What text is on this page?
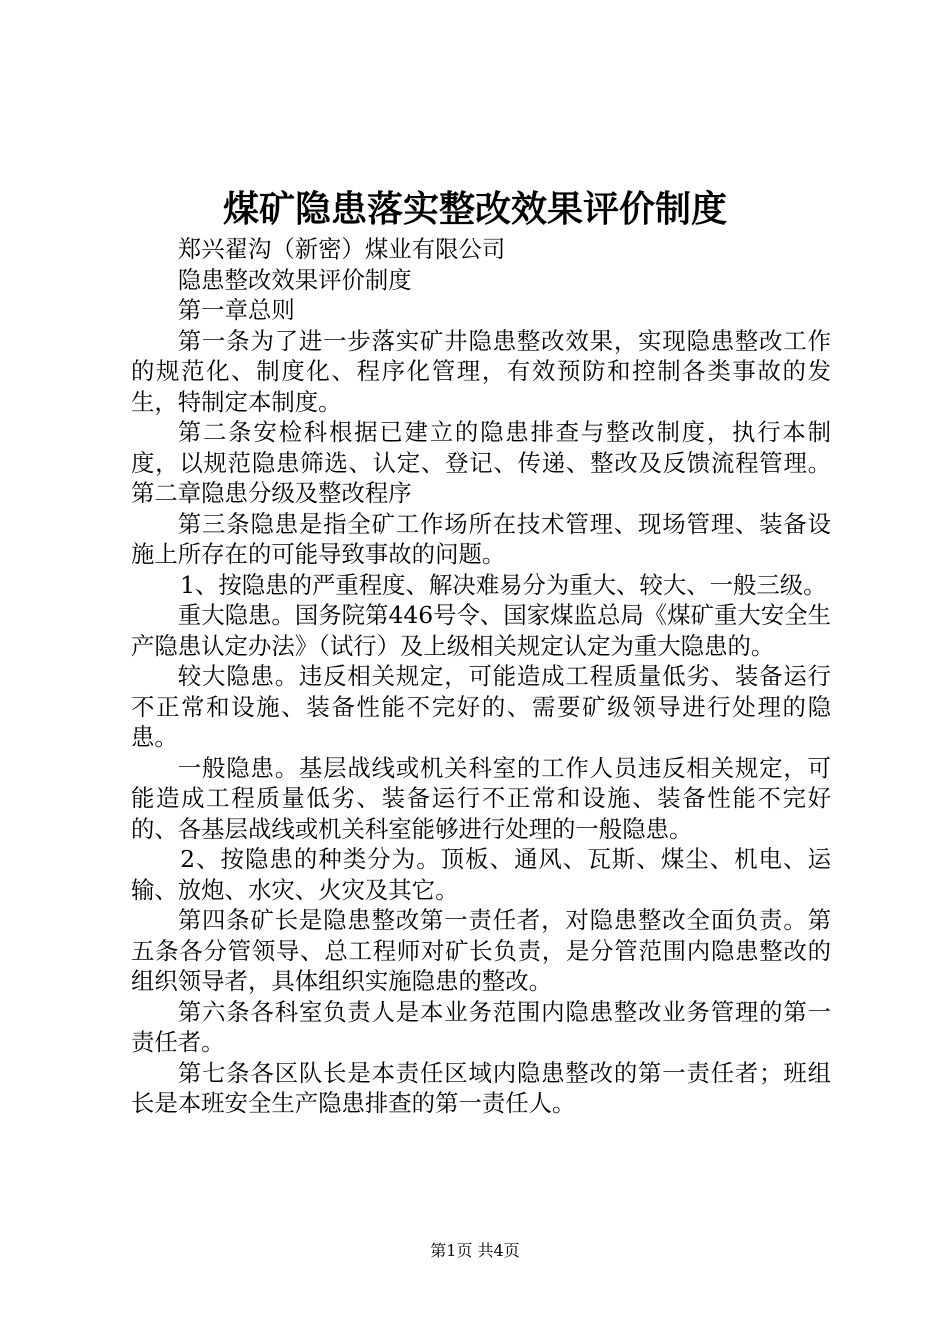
煤矿隐患落实整改效果评价制度

郑兴翟沟（新密）煤业有限公司

隐患整改效果评价制度

第一章总则

第一条为了进一步落实矿井隐患整改效果，实现隐患整改工作的规范化、制度化、程序化管理，有效预防和控制各类事故的发生，特制定本制度。

第二条安检科根据已建立的隐患排查与整改制度，执行本制度，以规范隐患筛选、认定、登记、传递、整改及反馈流程管理。第二章隐患分级及整改程序

第三条隐患是指全矿工作场所在技术管理、现场管理、装备设施上所存在的可能导致事故的问题。

1、按隐患的严重程度、解决难易分为重大、较大、一般三级。

重大隐患。国务院第446号令、国家煤监总局《煤矿重大安全生产隐患认定办法》（试行）及上级相关规定认定为重大隐患的。

较大隐患。违反相关规定，可能造成工程质量低劣、装备运行不正常和设施、装备性能不完好的、需要矿级领导进行处理的隐患。

一般隐患。基层战线或机关科室的工作人员违反相关规定，可能造成工程质量低劣、装备运行不正常和设施、装备性能不完好的、各基层战线或机关科室能够进行处理的一般隐患。

2、按隐患的种类分为。顶板、通风、瓦斯、煤尘、机电、运输、放炮、水灾、火灾及其它。

第四条矿长是隐患整改第一责任者，对隐患整改全面负责。第五条各分管领导、总工程师对矿长负责，是分管范围内隐患整改的组织领导者，具体组织实施隐患的整改。

第六条各科室负责人是本业务范围内隐患整改业务管理的第一责任者。

第七条各区队长是本责任区域内隐患整改的第一责任者；班组长是本班安全生产隐患排查的第一责任人。

第1页 共4页
